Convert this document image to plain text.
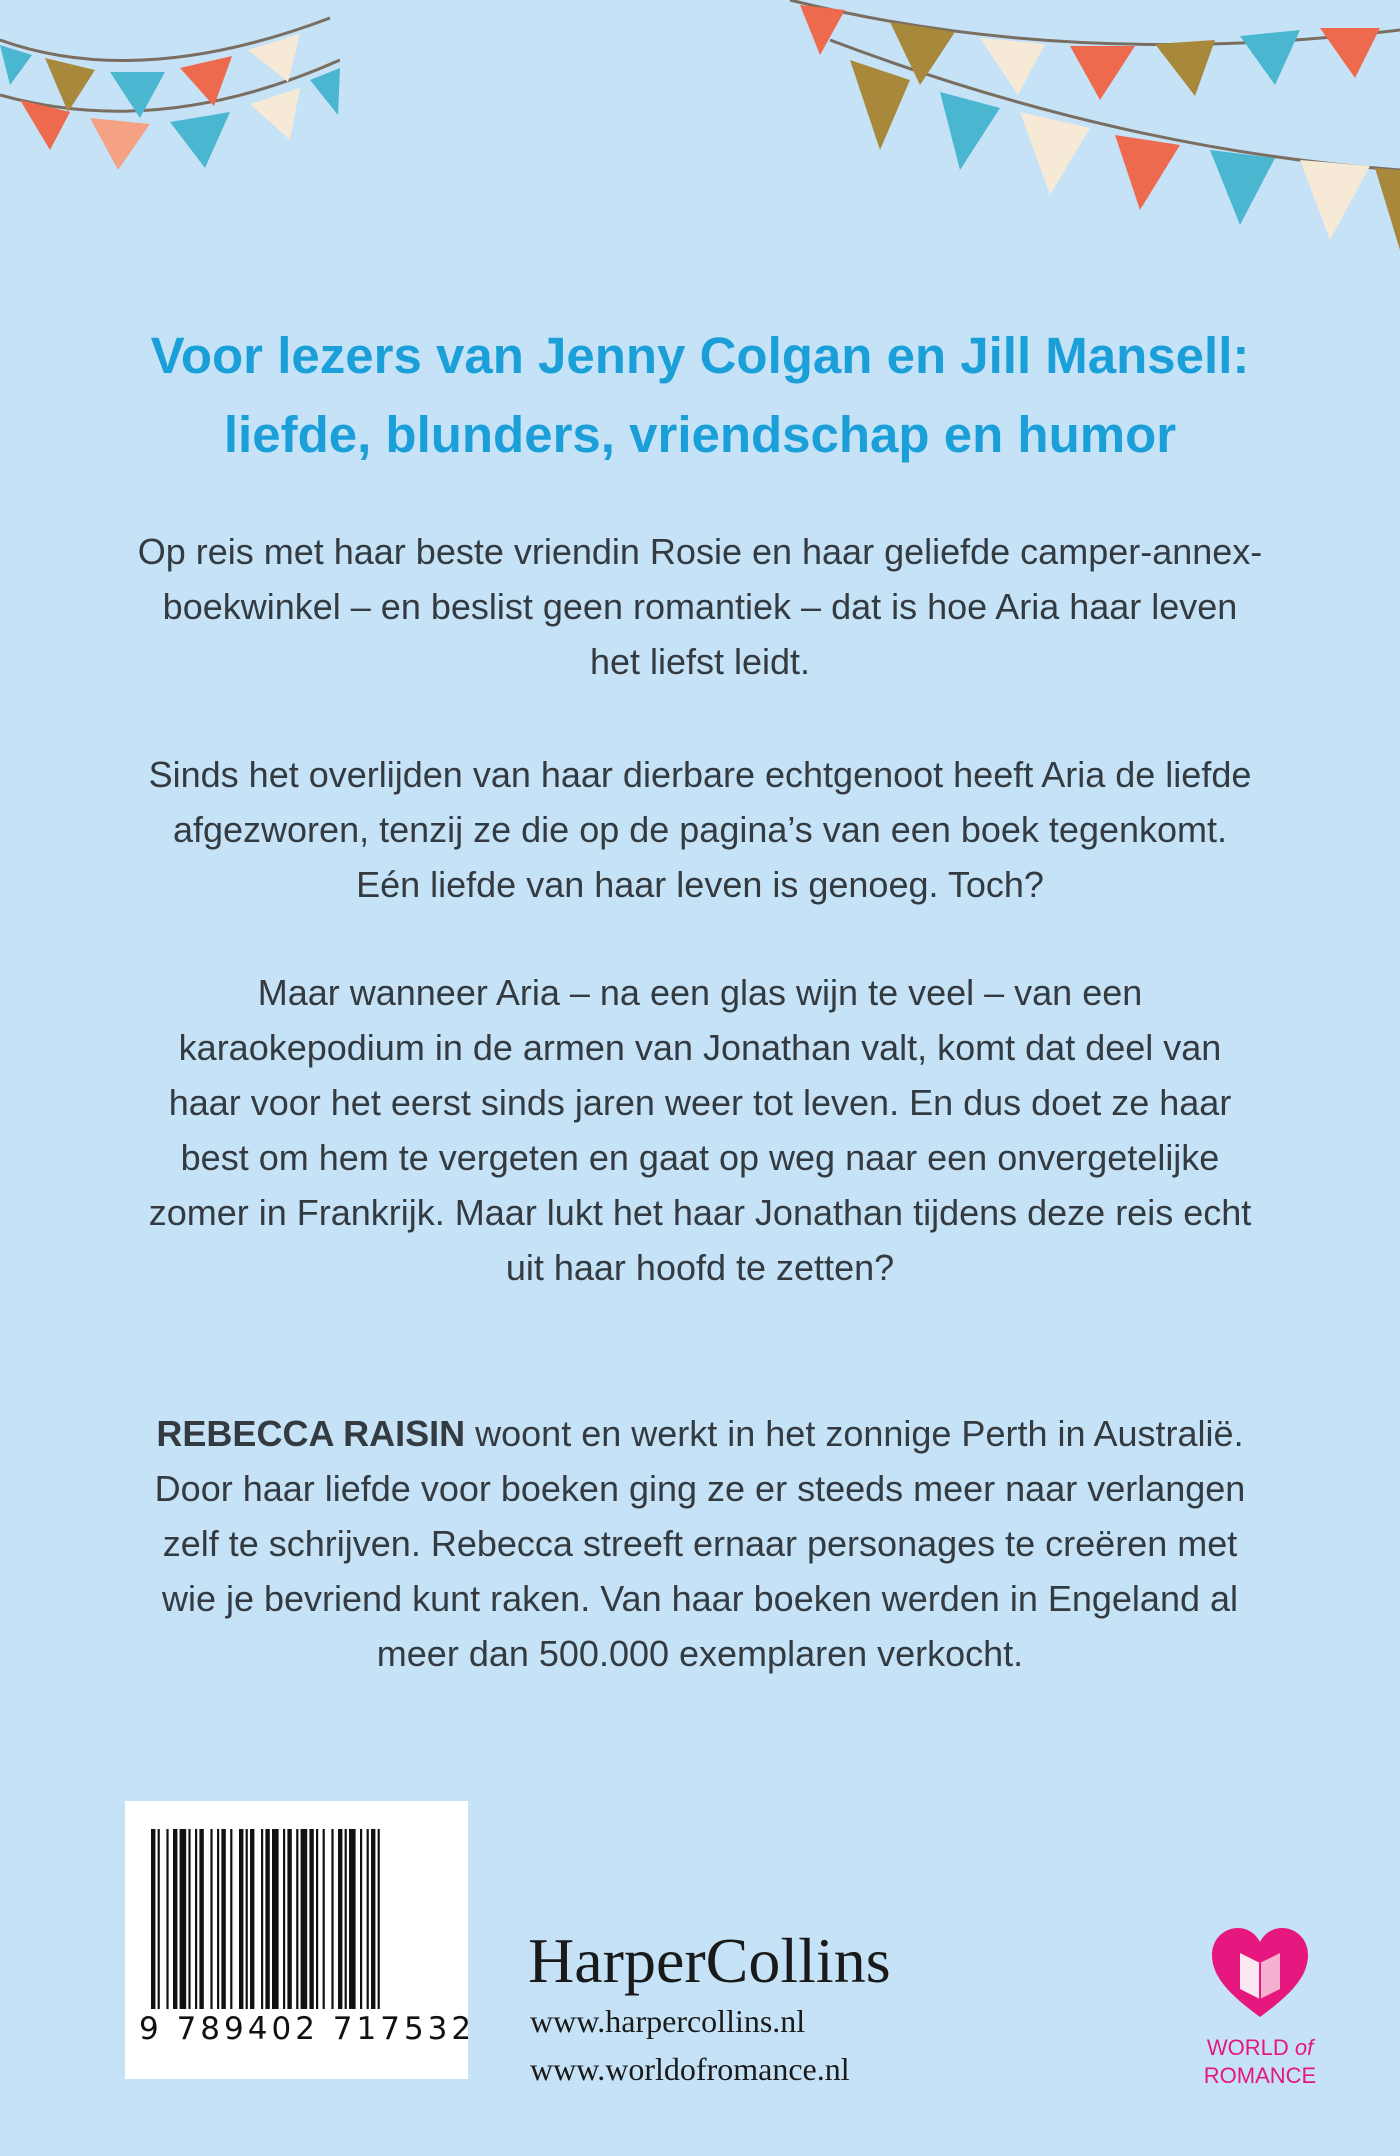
Voor lezers van Jenny Colgan en Jill Mansell:
liefde, blunders, vriendschap en humor
Op reis met haar beste vriendin Rosie en haar geliefde camper-annex-
boekwinkel – en beslist geen romantiek – dat is hoe Aria haar leven
het liefst leidt.
Sinds het overlijden van haar dierbare echtgenoot heeft Aria de liefde
afgezworen, tenzij ze die op de pagina’s van een boek tegenkomt.
Eén liefde van haar leven is genoeg. Toch?
Maar wanneer Aria – na een glas wijn te veel – van een
karaokepodium in de armen van Jonathan valt, komt dat deel van
haar voor het eerst sinds jaren weer tot leven. En dus doet ze haar
best om hem te vergeten en gaat op weg naar een onvergetelijke
zomer in Frankrijk. Maar lukt het haar Jonathan tijdens deze reis echt
uit haar hoofd te zetten?
REBECCA RAISIN woont en werkt in het zonnige Perth in Australië.
Door haar liefde voor boeken ging ze er steeds meer naar verlangen
zelf te schrijven. Rebecca streeft ernaar personages te creëren met
wie je bevriend kunt raken. Van haar boeken werden in Engeland al
meer dan 500.000 exemplaren verkocht.
9 789402 717532
HarperCollins
www.harpercollins.nl
www.worldofromance.nl
WORLD of
ROMANCE
